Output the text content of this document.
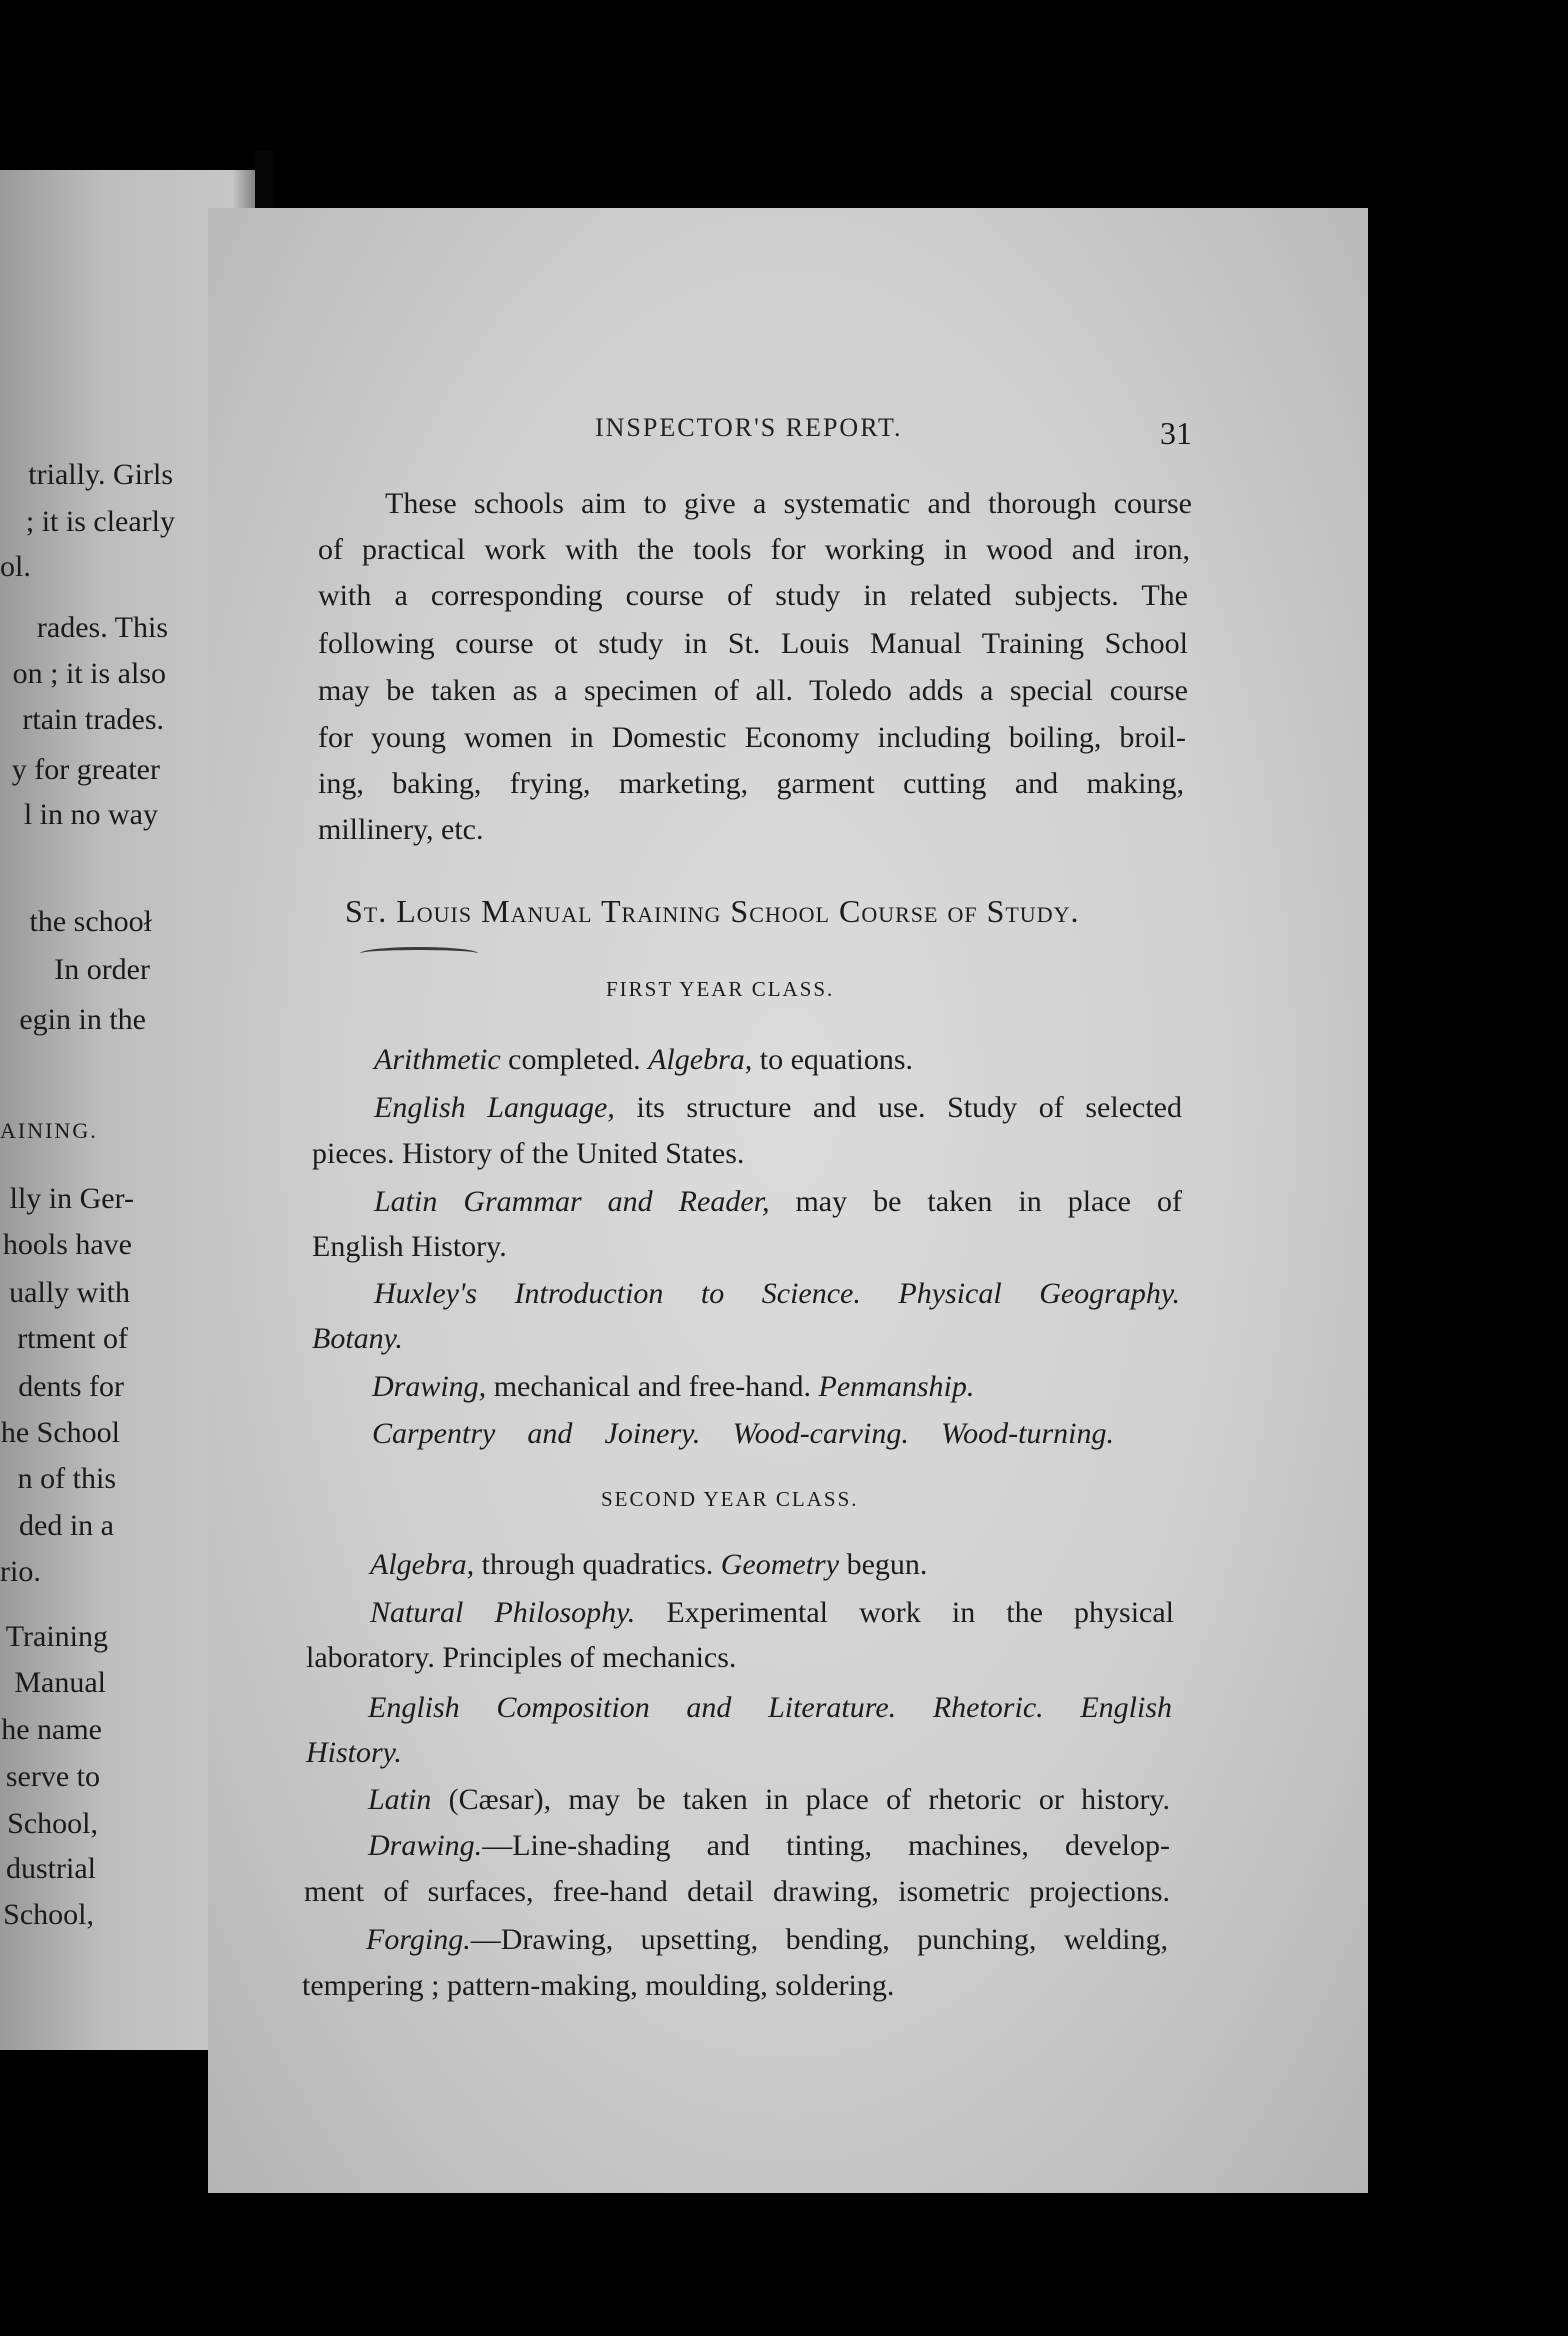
trially. Girls
; it is clearly
ol.
rades. This
on ; it is also
rtain trades.
y for greater
l in no way
the schooł
In order
egin in the
AINING.
lly in Ger-
hools have
ually with
rtment of
dents for
he School
n of this
ded in a
rio.
Training
Manual
he name
serve to
School,
dustrial
School,
INSPECTOR'S REPORT.	31
These schools aim to give a systematic and thorough course
of practical work with the tools for working in wood and iron,
with a corresponding course of study in related subjects. The
following course ot study in St. Louis Manual Training School
may be taken as a specimen of all. Toledo adds a special course
for young women in Domestic Economy including boiling, broil-
ing, baking, frying, marketing, garment cutting and making,
millinery, etc.
St. Louis Manual Training School Course of Study.
FIRST YEAR CLASS.
Arithmetic completed. Algebra, to equations.
English Language, its structure and use. Study of selected
pieces. History of the United States.
Latin Grammar and Reader, may be taken in place of
English History.
Huxley's Introduction to Science. Physical Geography.
Botany.
Drawing, mechanical and free-hand. Penmanship.
Carpentry and Joinery. Wood-carving. Wood-turning.
SECOND YEAR CLASS.
Algebra, through quadratics. Geometry begun.
Natural Philosophy. Experimental work in the physical
laboratory. Principles of mechanics.
English Composition and Literature. Rhetoric. English
History.
Latin (Cæsar), may be taken in place of rhetoric or history.
Drawing.—Line-shading and tinting, machines, develop-
ment of surfaces, free-hand detail drawing, isometric projections.
Forging.—Drawing, upsetting, bending, punching, welding,
tempering ; pattern-making, moulding, soldering.
